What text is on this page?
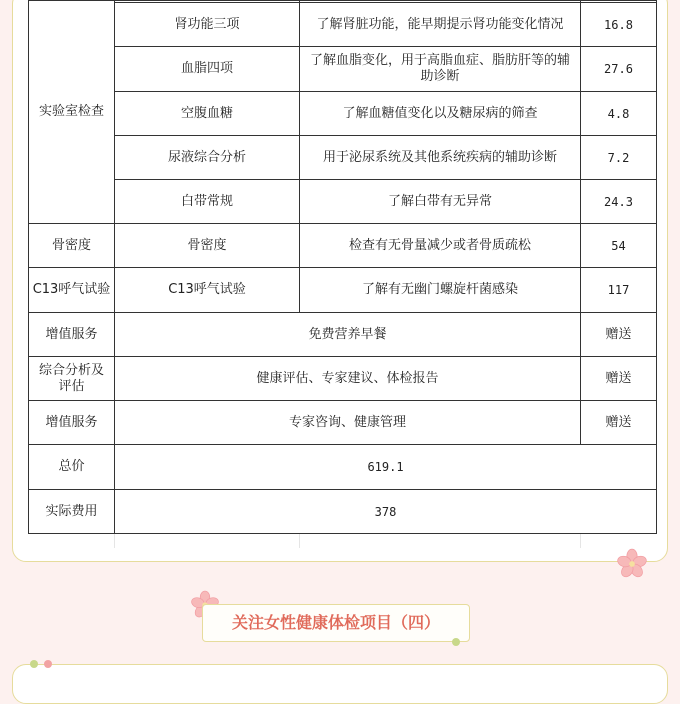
实验室检查			
	肾功能三项	了解肾脏功能，能早期提示肾功能变化情况	16.8
	血脂四项	了解血脂变化，用于高脂血症、脂肪肝等的辅助诊断	27.6
	空腹血糖	了解血糖值变化以及糖尿病的筛查	4.8
	尿液综合分析	用于泌尿系统及其他系统疾病的辅助诊断	7.2
	白带常规	了解白带有无异常	24.3
骨密度	骨密度	检查有无骨量减少或者骨质疏松	54
C13呼气试验	C13呼气试验	了解有无幽门螺旋杆菌感染	117
增值服务	免费营养早餐		赠送
综合分析及评估	健康评估、专家建议、体检报告		赠送
增值服务	专家咨询、健康管理		赠送
总价	619.1		
实际费用	378		

关注女性健康体检项目（四）
